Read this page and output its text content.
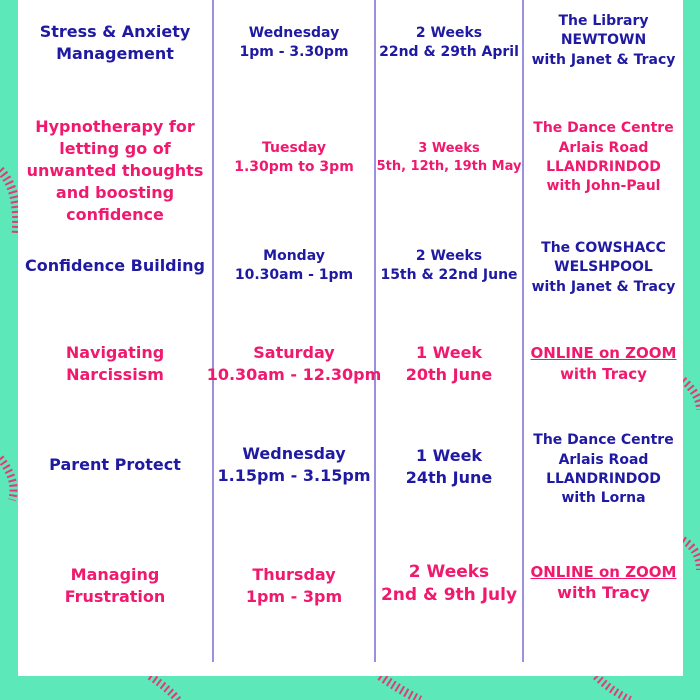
Stress & Anxiety
Management
Wednesday
1pm - 3.30pm
2 Weeks
22nd & 29th April
The Library
NEWTOWN
with Janet & Tracy
Hypnotherapy for
letting go of
unwanted thoughts
and boosting
confidence
Tuesday
1.30pm to 3pm
3 Weeks
5th, 12th, 19th May
The Dance Centre
Arlais Road
LLANDRINDOD
with John-Paul
Confidence Building
Monday
10.30am - 1pm
2 Weeks
15th & 22nd June
The COWSHACC
WELSHPOOL
with Janet & Tracy
Navigating
Narcissism
Saturday
10.30am - 12.30pm
1 Week
20th June
ONLINE on ZOOM
with Tracy
Parent Protect
Wednesday
1.15pm - 3.15pm
1 Week
24th June
The Dance Centre
Arlais Road
LLANDRINDOD
with Lorna
Managing
Frustration
Thursday
1pm - 3pm
2 Weeks
2nd & 9th July
ONLINE on ZOOM
with Tracy
